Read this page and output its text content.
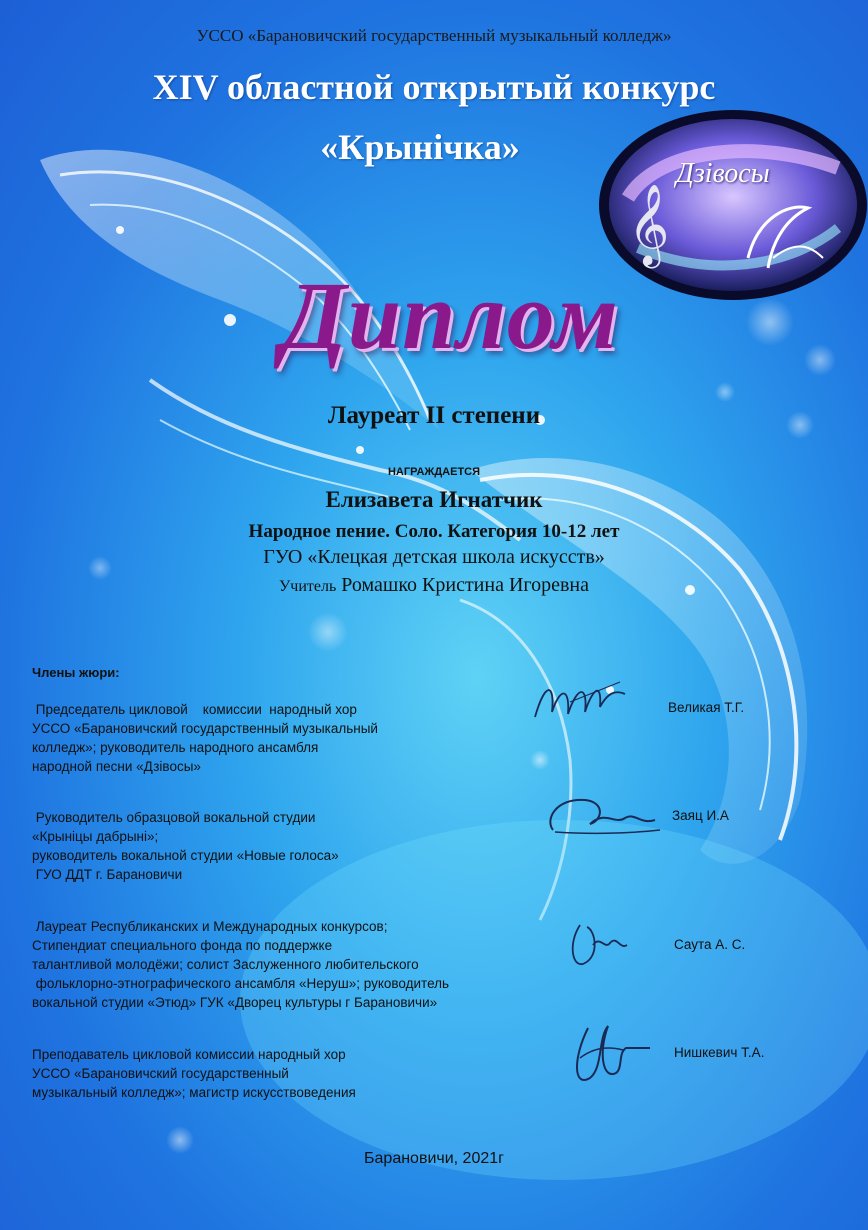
𝄞
Дзівосы
УССО «Барановичский государственный музыкальный колледж»
XIV областной открытый конкурс
«Крынiчка»
Диплом
Лауреат II степени
НАГРАЖДАЕТСЯ
Елизавета Игнатчик
Народное пение. Соло. Категория 10-12 лет
ГУО «Клецкая детская школа искусств»
Учитель Ромашко Кристина Игоревна
Члены жюри:
Председатель цикловой    комиссии  народный хор
УССО «Барановичский государственный музыкальный
колледж»; руководитель народного ансамбля
народной песни «Дзівосы»
Великая Т.Г.
Руководитель образцовой вокальной студии
«Крыніцы дабрыні»;
руководитель вокальной студии «Новые голоса»
ГУО ДДТ г. Барановичи
Заяц И.А
Лауреат Республиканских и Международных конкурсов;
Стипендиат специального фонда по поддержке
талантливой молодёжи; солист Заслуженного любительского
фольклорно-этнографического ансамбля «Неруш»; руководитель
вокальной студии «Этюд» ГУК «Дворец культуры г Барановичи»
Саута А. С.
Преподаватель цикловой комиссии народный хор
УССО «Барановичский государственный
музыкальный колледж»; магистр искусствоведения
Нишкевич Т.А.
Барановичи, 2021г
